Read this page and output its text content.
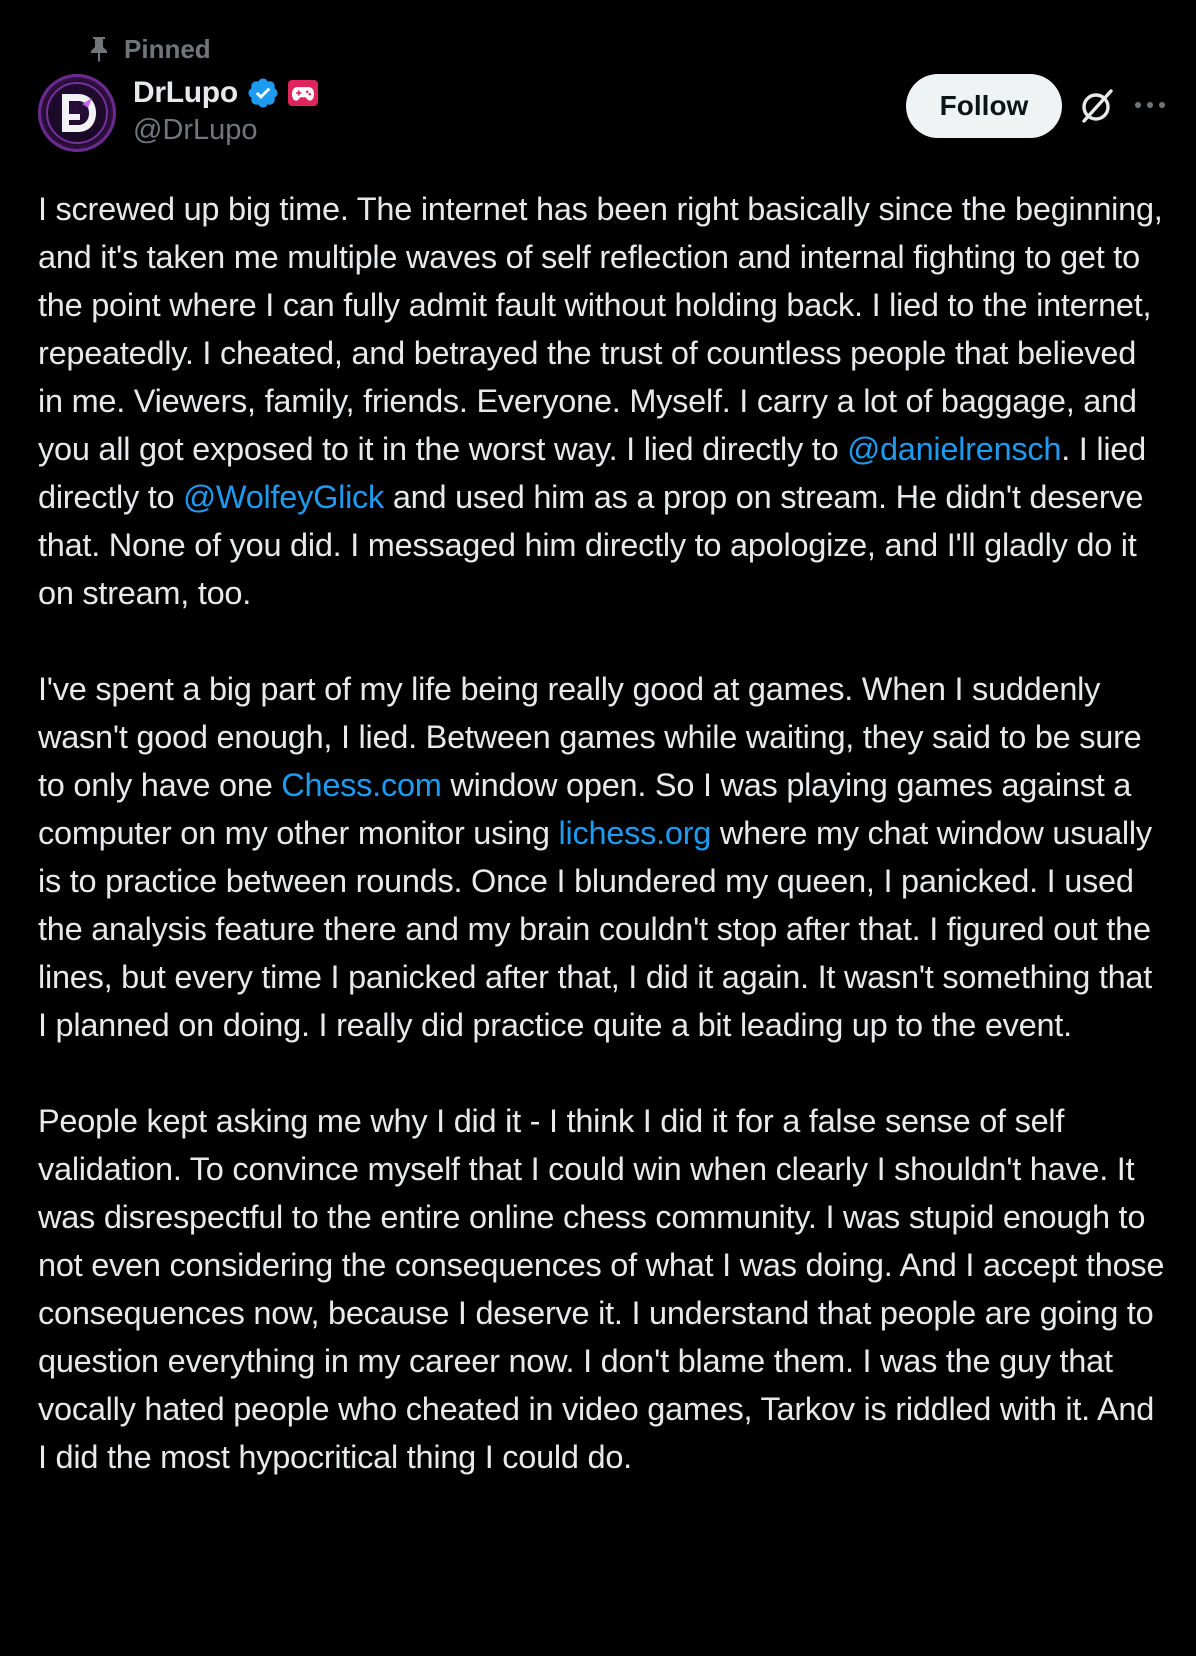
Pinned
DrLupo
@DrLupo
Follow

I screwed up big time. The internet has been right basically since the beginning, and it's taken me multiple waves of self reflection and internal fighting to get to the point where I can fully admit fault without holding back. I lied to the internet, repeatedly. I cheated, and betrayed the trust of countless people that believed in me. Viewers, family, friends. Everyone. Myself. I carry a lot of baggage, and you all got exposed to it in the worst way. I lied directly to @danielrensch. I lied directly to @WolfeyGlick and used him as a prop on stream. He didn't deserve that. None of you did. I messaged him directly to apologize, and I'll gladly do it on stream, too.

I've spent a big part of my life being really good at games. When I suddenly wasn't good enough, I lied. Between games while waiting, they said to be sure to only have one Chess.com window open. So I was playing games against a computer on my other monitor using lichess.org where my chat window usually is to practice between rounds. Once I blundered my queen, I panicked. I used the analysis feature there and my brain couldn't stop after that. I figured out the lines, but every time I panicked after that, I did it again. It wasn't something that I planned on doing. I really did practice quite a bit leading up to the event.

People kept asking me why I did it - I think I did it for a false sense of self validation. To convince myself that I could win when clearly I shouldn't have. It was disrespectful to the entire online chess community. I was stupid enough to not even considering the consequences of what I was doing. And I accept those consequences now, because I deserve it. I understand that people are going to question everything in my career now. I don't blame them. I was the guy that vocally hated people who cheated in video games, Tarkov is riddled with it. And I did the most hypocritical thing I could do.
